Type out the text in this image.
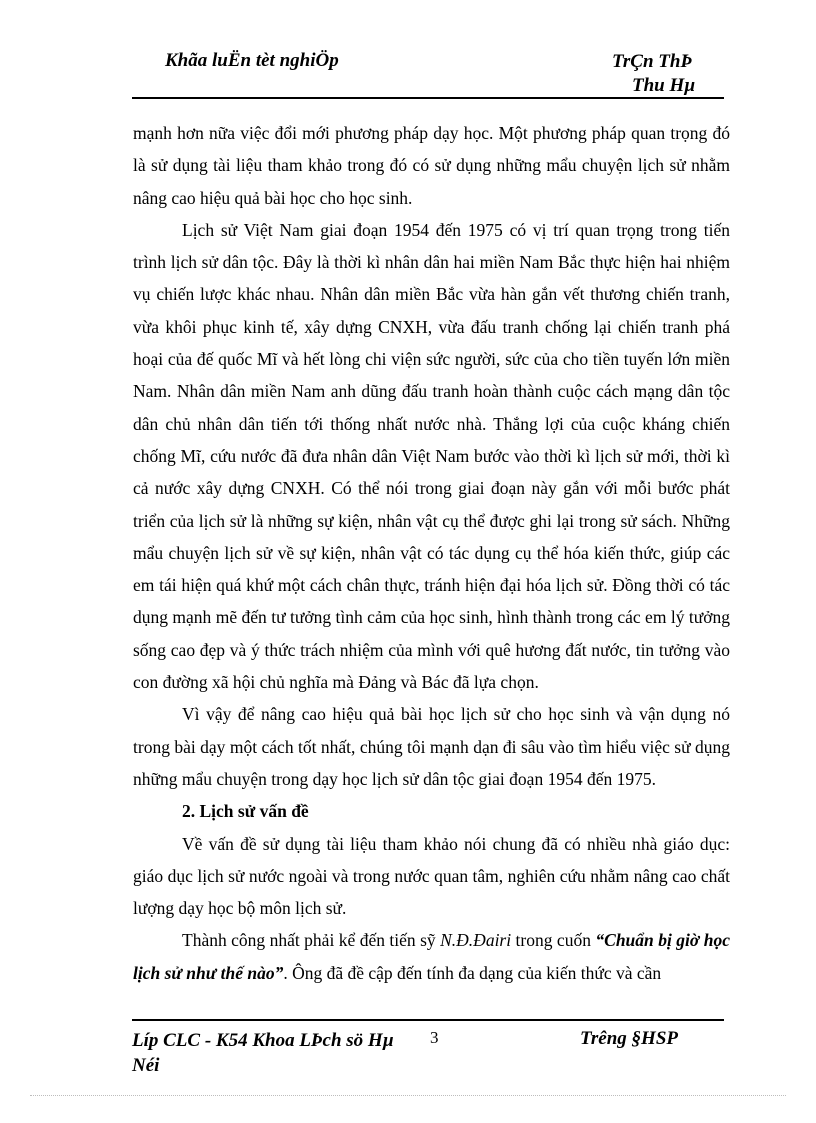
Khãa luËn tèt nghiÖp	TrÇn ThÞ
Thu Hµ

mạnh hơn nữa việc đổi mới phương pháp dạy học. Một phương pháp quan trọng đó là sử dụng tài liệu tham khảo trong đó có sử dụng những mẩu chuyện lịch sử nhằm nâng cao hiệu quả bài học cho học sinh.

Lịch sử Việt Nam giai đoạn 1954 đến 1975 có vị trí quan trọng trong tiến trình lịch sử dân tộc. Đây là thời kì nhân dân hai miền Nam Bắc thực hiện hai nhiệm vụ chiến lược khác nhau. Nhân dân miền Bắc vừa hàn gắn vết thương chiến tranh, vừa khôi phục kinh tế, xây dựng CNXH, vừa đấu tranh chống lại chiến tranh phá hoại của đế quốc Mĩ và hết lòng chi viện sức người, sức của cho tiền tuyến lớn miền Nam. Nhân dân miền Nam anh dũng đấu tranh hoàn thành cuộc cách mạng dân tộc dân chủ nhân dân tiến tới thống nhất nước nhà. Thắng lợi của cuộc kháng chiến chống Mĩ, cứu nước đã đưa nhân dân Việt Nam bước vào thời kì lịch sử mới, thời kì cả nước xây dựng CNXH. Có thể nói trong giai đoạn này gắn với mỗi bước phát triển của lịch sử là những sự kiện, nhân vật cụ thể được ghi lại trong sử sách. Những mẩu chuyện lịch sử về sự kiện, nhân vật có tác dụng cụ thể hóa kiến thức, giúp các em tái hiện quá khứ một cách chân thực, tránh hiện đại hóa lịch sử. Đồng thời có tác dụng mạnh mẽ đến tư tưởng tình cảm của học sinh, hình thành trong các em lý tưởng sống cao đẹp và ý thức trách nhiệm của mình với quê hương đất nước, tin tưởng vào con đường xã hội chủ nghĩa mà Đảng và Bác đã lựa chọn.

Vì vậy để nâng cao hiệu quả bài học lịch sử cho học sinh và vận dụng nó trong bài dạy một cách tốt nhất, chúng tôi mạnh dạn đi sâu vào tìm hiểu việc sử dụng những mẩu chuyện trong dạy học lịch sử dân tộc giai đoạn 1954 đến 1975.

2. Lịch sử vấn đề

Về vấn đề sử dụng tài liệu tham khảo nói chung đã có nhiều nhà giáo dục: giáo dục lịch sử nước ngoài và trong nước quan tâm, nghiên cứu nhằm nâng cao chất lượng dạy học bộ môn lịch sử.

Thành công nhất phải kể đến tiến sỹ N.Đ.Đairi trong cuốn “Chuẩn bị giờ học lịch sử như thế nào”. Ông đã đề cập đến tính đa dạng của kiến thức và cần

Líp CLC - K54 Khoa LÞch sö Hµ Néi
3	Trêng §HSP
